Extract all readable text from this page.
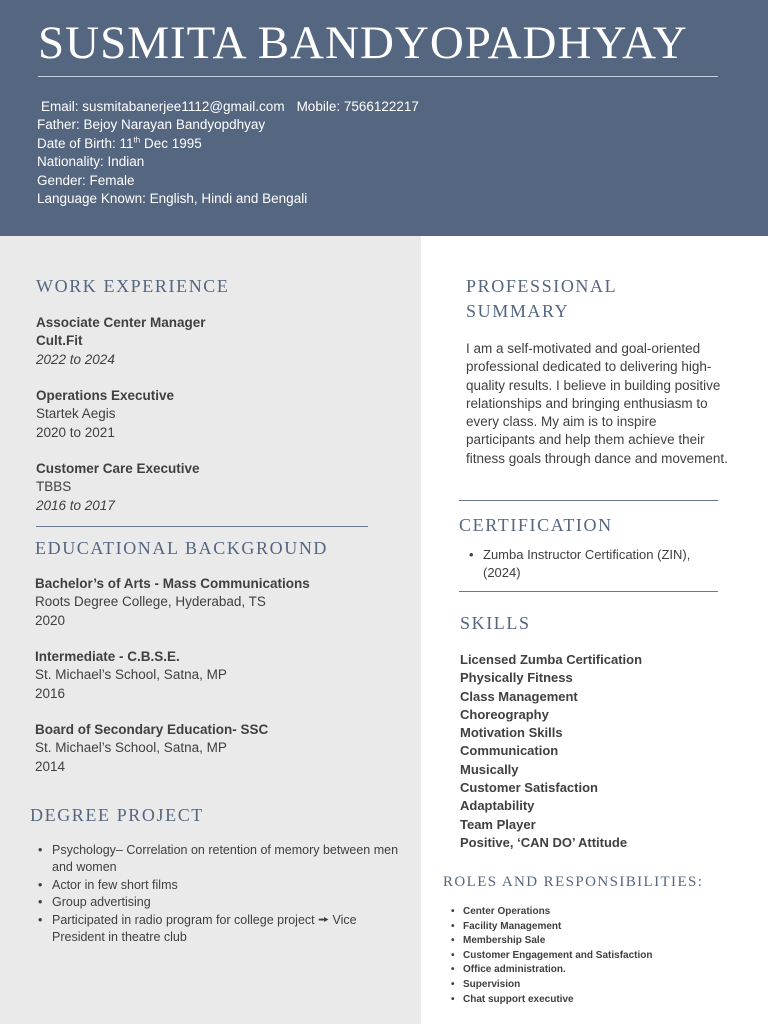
SUSMITA BANDYOPADHYAY
Email: susmitabanerjee1112@gmail.com Mobile: 7566122217
Father: Bejoy Narayan Bandyopdhyay
Date of Birth: 11th Dec 1995
Nationality: Indian
Gender: Female
Language Known: English, Hindi and Bengali
WORK EXPERIENCE
Associate Center Manager
Cult.Fit
2022 to 2024
Operations Executive
Startek Aegis
2020 to 2021
Customer Care Executive
TBBS
2016 to 2017
EDUCATIONAL BACKGROUND
Bachelor’s of Arts - Mass Communications
Roots Degree College, Hyderabad, TS
2020
Intermediate - C.B.S.E.
St. Michael’s School, Satna, MP
2016
Board of Secondary Education- SSC
St. Michael’s School, Satna, MP
2014
DEGREE PROJECT
• Psychology– Correlation on retention of memory between men and women
• Actor in few short films
• Group advertising
• Participated in radio program for college project 🠚 Vice President in theatre club
PROFESSIONAL
SUMMARY
I am a self-motivated and goal-oriented professional dedicated to delivering high-quality results. I believe in building positive relationships and bringing enthusiasm to every class. My aim is to inspire participants and help them achieve their fitness goals through dance and movement.
CERTIFICATION
• Zumba Instructor Certification (ZIN), (2024)
SKILLS
Licensed Zumba Certification
Physically Fitness
Class Management
Choreography
Motivation Skills
Communication
Musically
Customer Satisfaction
Adaptability
Team Player
Positive, ‘CAN DO’ Attitude
ROLES AND RESPONSIBILITIES:
• Center Operations
• Facility Management
• Membership Sale
• Customer Engagement and Satisfaction
• Office administration.
• Supervision
• Chat support executive
